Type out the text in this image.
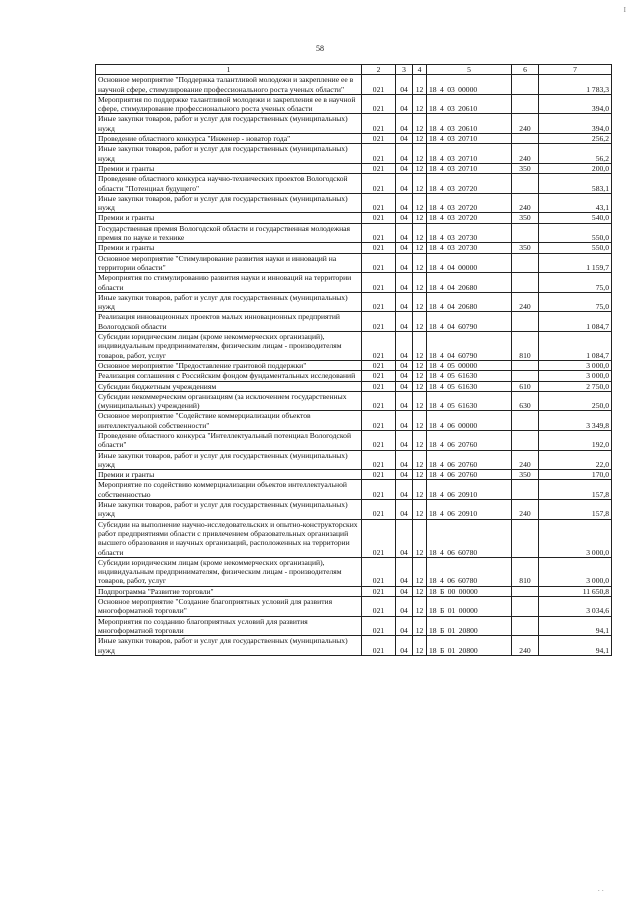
I
58
1	2	3	4	5	6	7
Основное мероприятие "Поддержка талантливой молодежи и закрепление ее в научной сфере, стимулирование профессионального роста ученых области"	021	04	12	18 4 03 00000		1 783,3
Мероприятия по поддержке талантливой молодежи и закрепления ее в научной сфере, стимулирование профессионального роста ученых области	021	04	12	18 4 03 20610		394,0
Иные закупки товаров, работ и услуг для государственных (муниципальных) нужд	021	04	12	18 4 03 20610	240	394,0
Проведение областного конкурса "Инженер - новатор года"	021	04	12	18 4 03 20710		256,2
Иные закупки товаров, работ и услуг для государственных (муниципальных) нужд	021	04	12	18 4 03 20710	240	56,2
Премии и гранты	021	04	12	18 4 03 20710	350	200,0
Проведение областного конкурса научно-технических проектов Вологодской области "Потенциал будущего"	021	04	12	18 4 03 20720		583,1
Иные закупки товаров, работ и услуг для государственных (муниципальных) нужд	021	04	12	18 4 03 20720	240	43,1
Премии и гранты	021	04	12	18 4 03 20720	350	540,0
Государственная премия Вологодской области и государственная молодежная премия по науке и технике	021	04	12	18 4 03 20730		550,0
Премии и гранты	021	04	12	18 4 03 20730	350	550,0
Основное мероприятие "Стимулирование развития науки и инноваций на территории области"	021	04	12	18 4 04 00000		1 159,7
Мероприятия по стимулированию развития науки и инноваций на территории области	021	04	12	18 4 04 20680		75,0
Иные закупки товаров, работ и услуг для государственных (муниципальных) нужд	021	04	12	18 4 04 20680	240	75,0
Реализация инновационных проектов малых инновационных предприятий Вологодской области	021	04	12	18 4 04 60790		1 084,7
Субсидии юридическим лицам (кроме некоммерческих организаций), индивидуальным предпринимателям, физическим лицам - производителям товаров, работ, услуг	021	04	12	18 4 04 60790	810	1 084,7
Основное мероприятие "Предоставление грантовой поддержки"	021	04	12	18 4 05 00000		3 000,0
Реализация соглашения с Российским фондом фундаментальных исследований	021	04	12	18 4 05 61630		3 000,0
Субсидии бюджетным учреждениям	021	04	12	18 4 05 61630	610	2 750,0
Субсидии некоммерческим организациям (за исключением государственных (муниципальных) учреждений)	021	04	12	18 4 05 61630	630	250,0
Основное мероприятие "Содействие коммерциализации объектов интеллектуальной собственности"	021	04	12	18 4 06 00000		3 349,8
Проведение областного конкурса "Интеллектуальный потенциал Вологодской области"	021	04	12	18 4 06 20760		192,0
Иные закупки товаров, работ и услуг для государственных (муниципальных) нужд	021	04	12	18 4 06 20760	240	22,0
Премии и гранты	021	04	12	18 4 06 20760	350	170,0
Мероприятие по содействию коммерциализации объектов интеллектуальной собственностью	021	04	12	18 4 06 20910		157,8
Иные закупки товаров, работ и услуг для государственных (муниципальных) нужд	021	04	12	18 4 06 20910	240	157,8
Субсидии на выполнение научно-исследовательских и опытно-конструкторских работ предприятиями области с привлечением образовательных организаций высшего образования и научных организаций, расположенных на территории области	021	04	12	18 4 06 60780		3 000,0
Субсидии юридическим лицам (кроме некоммерческих организаций), индивидуальным предпринимателям, физическим лицам - производителям товаров, работ, услуг	021	04	12	18 4 06 60780	810	3 000,0
Подпрограмма "Развитие торговли"	021	04	12	18 Б 00 00000		11 650,8
Основное мероприятие "Создание благоприятных условий для развития многоформатной торговли"	021	04	12	18 Б 01 00000		3 034,6
Мероприятия по созданию благоприятных условий для развития многоформатной торговли	021	04	12	18 Б 01 20800		94,1
Иные закупки товаров, работ и услуг для государственных (муниципальных) нужд	021	04	12	18 Б 01 20800	240	94,1
· ·
